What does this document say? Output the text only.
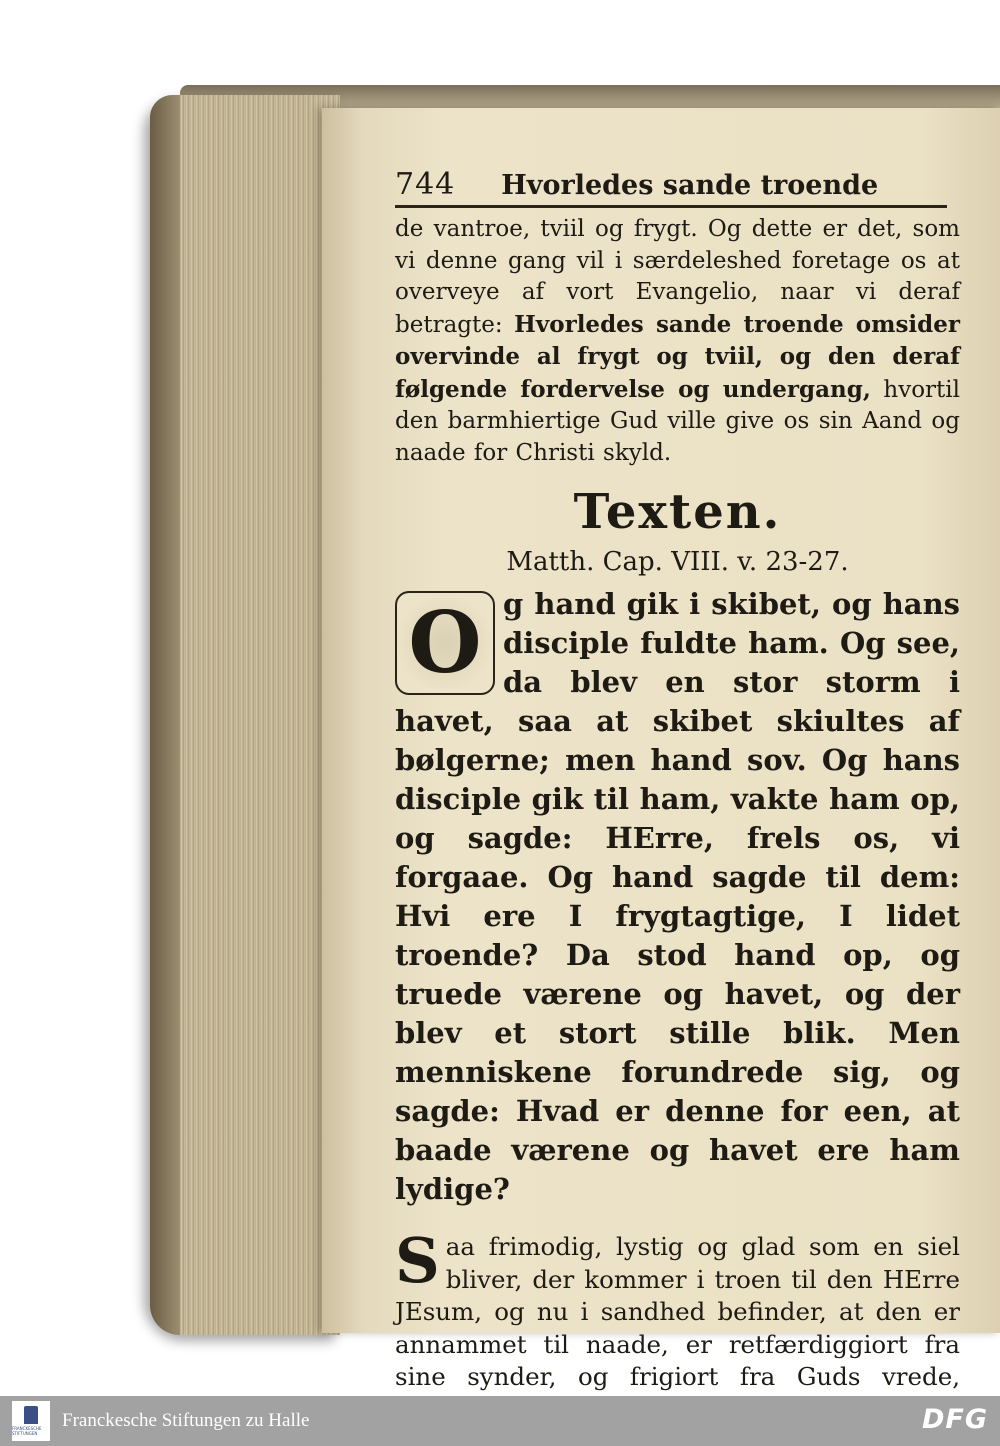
744 Hvorledes sande troende
de vantroe, tviil og frygt. Og dette er det, som vi denne gang vil i særdeleshed foretage os at overveye af vort Evangelio, naar vi deraf betragte: Hvorledes sande troende omsider overvinde al frygt og tviil, og den deraf følgende fordervelse og undergang, hvortil den barmhiertige Gud ville give os sin Aand og naade for Christi skyld.
Texten.
Matth. Cap. VIII. v. 23-27.
O g hand gik i skibet, og hans disciple fuldte ham. Og see, da blev en stor storm i havet, saa at skibet skiultes af bølgerne; men hand sov. Og hans disciple gik til ham, vakte ham op, og sagde: HErre, frels os, vi forgaae. Og hand sagde til dem: Hvi ere I frygtagtige, I lidet troende? Da stod hand op, og truede værene og havet, og der blev et stort stille blik. Men menniskene forundrede sig, og sagde: Hvad er denne for een, at baade værene og havet ere ham lydige?
S aa frimodig, lystig og glad som en siel bliver, der kommer i troen til den HErre JEsum, og nu i sandhed befinder, at den er annammet til naade, er retfærdiggiort fra sine synder, og frigiort fra Guds vrede,
FRANCKESCHE STIFTUNGEN
Franckesche Stiftungen zu Halle	DFG
